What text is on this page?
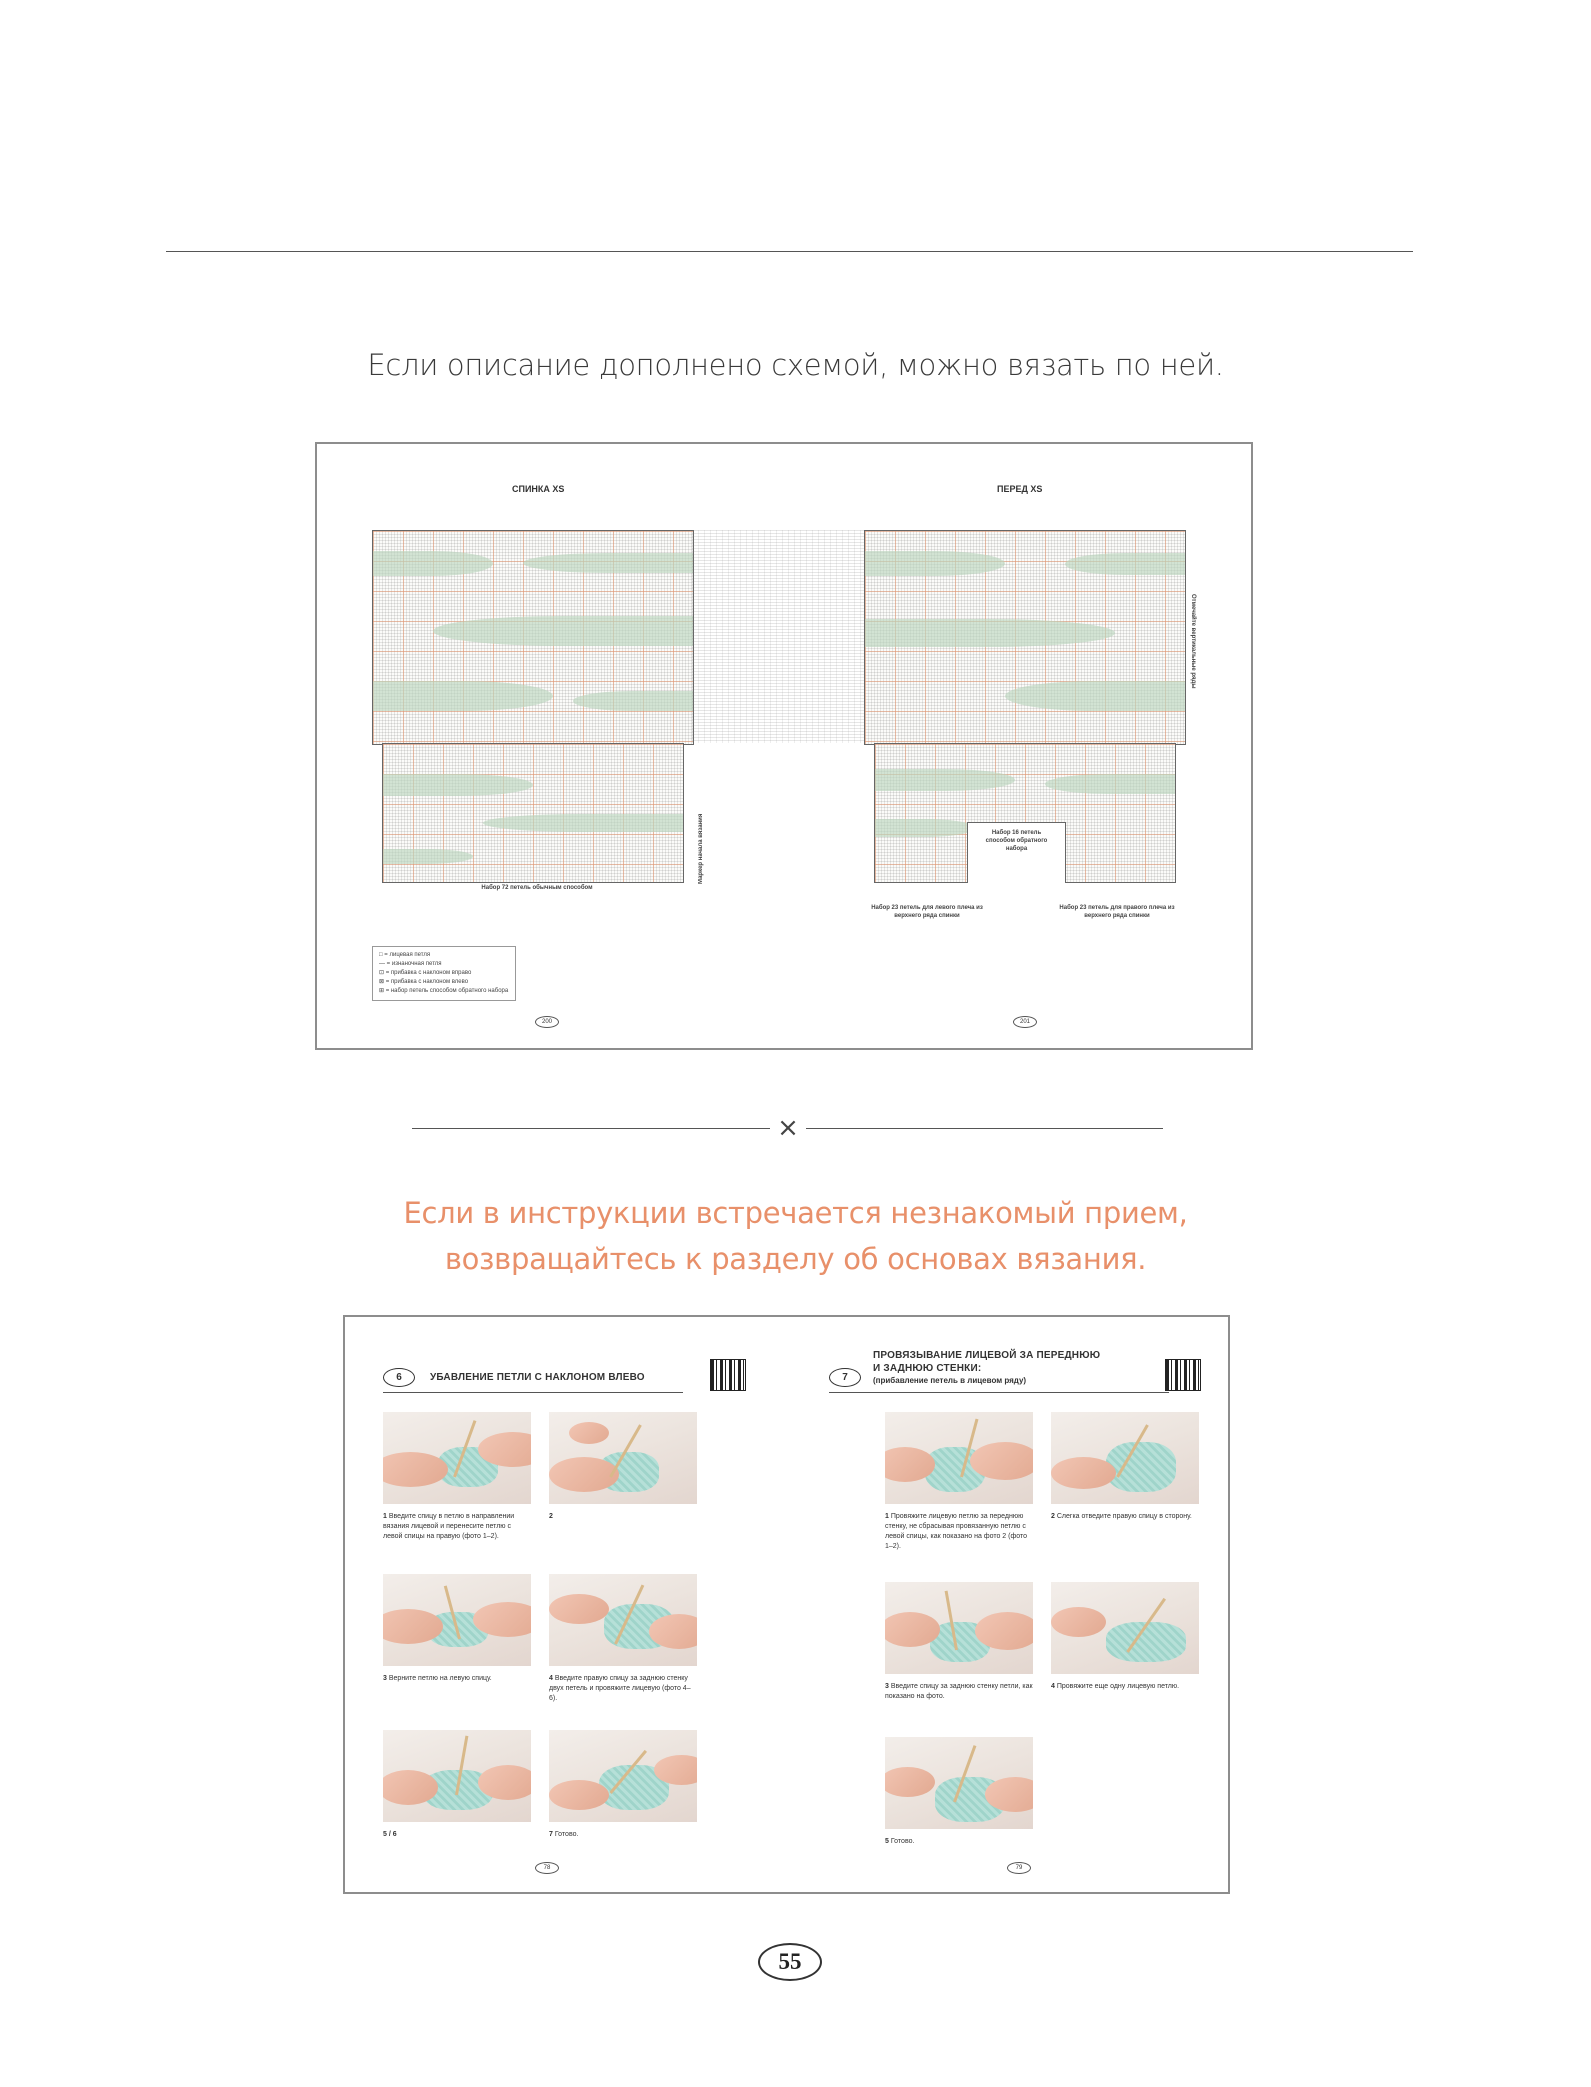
Если описание дополнено схемой, можно вязать по ней.
СПИНКА XS	ПЕРЕД XS
Маркер начала вязания
Набор 72 петель обычным способом
Отмечайте вертикальные ряды
Набор 16 петель способом обратного набора
Набор 23 петель для левого плеча из верхнего ряда спинки
Набор 23 петель для правого плеча из верхнего ряда спинки
□ = лицевая петля
— = изнаночная петля
⊡ = прибавка с наклоном вправо
⊠ = прибавка с наклоном влево
⊞ = набор петель способом обратного набора
200	201
×
Если в инструкции встречается незнакомый прием,
возвращайтесь к разделу об основах вязания.
6	УБАВЛЕНИЕ ПЕТЛИ С НАКЛОНОМ ВЛЕВО
ПРОВЯЗЫВАНИЕ ЛИЦЕВОЙ ЗА ПЕРЕДНЮЮ
7
И ЗАДНЮЮ СТЕНКИ:
(прибавление петель в лицевом ряду)
1 Введите спицу в петлю в направлении вязания лицевой и перенесите петлю с левой спицы на правую (фото 1–2).
2
3 Верните петлю на левую спицу.	4 Введите правую спицу за заднюю стенку двух петель и провяжите лицевую (фото 4–6).
5 / 6	7 Готово.
1 Провяжите лицевую петлю за переднюю стенку, не сбрасывая провязанную петлю с левой спицы, как показано на фото 2 (фото 1–2).
2 Слегка отведите правую спицу в сторону.
3 Введите спицу за заднюю стенку петли, как показано на фото.
4 Провяжите еще одну лицевую петлю.
5 Готово.
78	79
55
